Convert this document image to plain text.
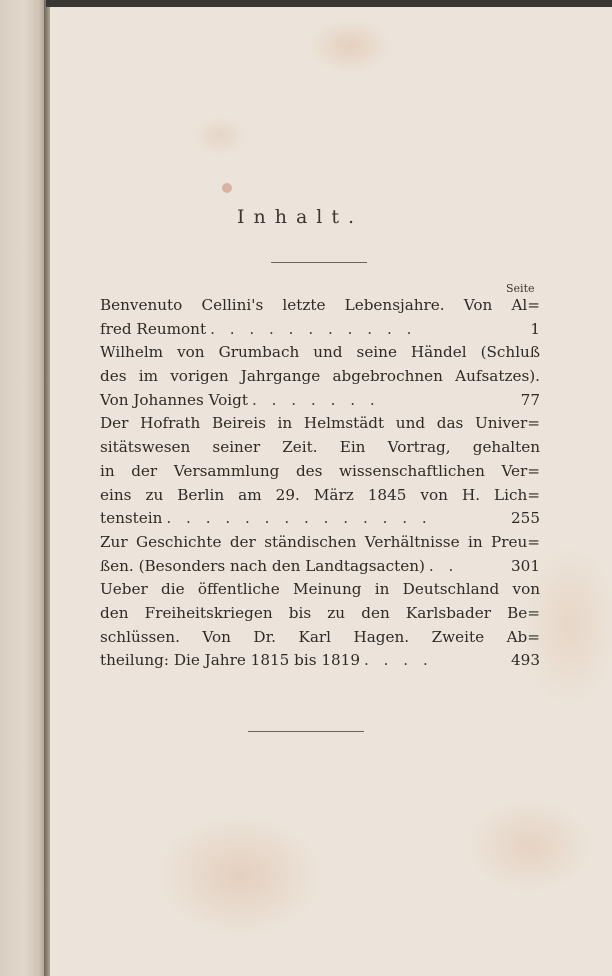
Inhalt.
Seite
Benvenuto Cellini's letzte Lebensjahre. Von Al=
fred Reumont . . . . . . . . . . .	1
Wilhelm von Grumbach und seine Händel (Schluß
des im vorigen Jahrgange abgebrochnen Aufsatzes).
Von Johannes Voigt . . . . . . .	77
Der Hofrath Beireis in Helmstädt und das Univer=
sitätswesen seiner Zeit. Ein Vortrag, gehalten
in der Versammlung des wissenschaftlichen Ver=
eins zu Berlin am 29. März 1845 von H. Lich=
tenstein . . . . . . . . . . . . . .	255
Zur Geschichte der ständischen Verhältnisse in Preu=
ßen. (Besonders nach den Landtagsacten) . .	301
Ueber die öffentliche Meinung in Deutschland von
den Freiheitskriegen bis zu den Karlsbader Be=
schlüssen. Von Dr. Karl Hagen. Zweite Ab=
theilung: Die Jahre 1815 bis 1819 . . . .	493
